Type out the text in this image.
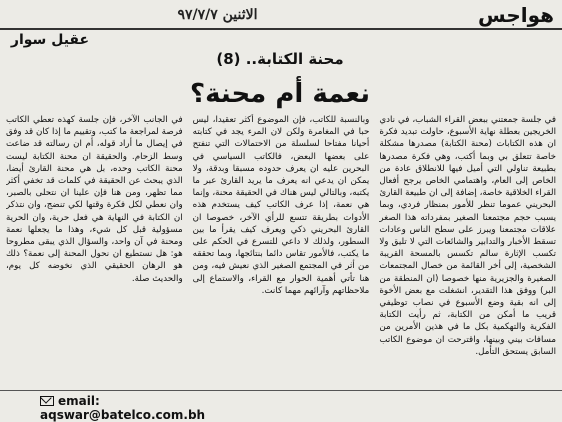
الاثنين ٩٧/٧/٧	هواجس
عقيل سوار
محنة الكتابة.. (8)
نعمة أم محنة؟

في جلسة جمعتني ببعض القراء الشباب، في نادي الخريجين بعطلة نهاية الأسبوع، حاولت تبديد فكرة ان هذه الكتابات (محنة الكتابة) مصدرها مشكلة خاصة تتعلق بي وبما أكتب، وهي فكرة مصدرها بطبيعة تناولي التي أميل فيها للانطلاق عادة من الخاص إلى العام، واهتمامي الخاص يرجح أفعال القراء الخلاقية خاصة، إضافة إلى ان طبيعة القارئ البحريني عموما تنظر للأمور بمنظار فردي، وبما يسبب حجم مجتمعنا الصغير بمفرداته هذا الصغر علاقات مجتمعنا ويبرز على سطح الناس وعادات تسقط الأخبار والتدابير والشائعات التي لا تليق ولا تكسب الإثارة سالم تكسس بالمسحة القريبة الشخصية، إلى أخر القائمة من خصال المجتمعات الصغيرة والجزيرية منها خصوصا (ان المنطقة من البر) ووفق هذا التقدير، انشغلت مع بعض الأخوة إلى انه بقية وضع الأسبوع في نصاب توظيفي قريب ما أمكن من الكتابة، ثم رأيت الكتابة الفكرية والتهكمية بكل ما في هذين الأمرين من مسافات بيني وبينها، واقترحت ان موضوع الكاتب السابق يستحق التأمل.

وبالنسبة للكاتب، فإن الموضوع أكثر تعقيدا، ليس حبا في المغامرة ولكن لان المرء يجد في كتابته أحيانا مفتاحا لسلسلة من الاحتمالات التي تنفتح على بعضها البعض، فالكاتب السياسي في البحرين عليه ان يعرف حدوده مسبقا وبدقة، ولا يمكن ان يدعي انه يعرف ما يريد القارئ عبر ما يكتبه، وبالتالي ليس هناك في الحقيقة محنة، وإنما هي نعمة، إذا عرف الكاتب كيف يستخدم هذه الأدوات بطريقة تتسع للرأي الآخر، خصوصا ان القارئ البحريني ذكي ويعرف كيف يقرأ ما بين السطور، ولذلك لا داعي للتسرع في الحكم على ما يكتب، فالأمور تقاس دائما بنتائجها، وبما تحققه من أثر في المجتمع الصغير الذي نعيش فيه، ومن هنا تأتي أهمية الحوار مع القراء، والاستماع إلى ملاحظاتهم وآرائهم مهما كانت.

في الجانب الآخر، فإن جلسة كهذه تعطي الكاتب فرصة لمراجعة ما كتب، وتقييم ما إذا كان قد وفق في إيصال ما أراد قوله، أم ان رسالته قد ضاعت وسط الزحام. والحقيقة ان محنة الكتابة ليست محنة الكاتب وحده، بل هي محنة القارئ أيضا، الذي يبحث عن الحقيقة في كلمات قد تخفي أكثر مما تظهر، ومن هنا فإن علينا ان نتحلى بالصبر، وان نعطي لكل فكرة وقتها لكي تنضج، وان نتذكر ان الكتابة في النهاية هي فعل حرية، وان الحرية مسؤولية قبل كل شيء، وهذا ما يجعلها نعمة ومحنة في آن واحد، والسؤال الذي يبقى مطروحا هو: هل نستطيع ان نحول المحنة إلى نعمة؟ ذلك هو الرهان الحقيقي الذي نخوضه كل يوم، والحديث صلة.

email: aqswar@batelco.com.bh
